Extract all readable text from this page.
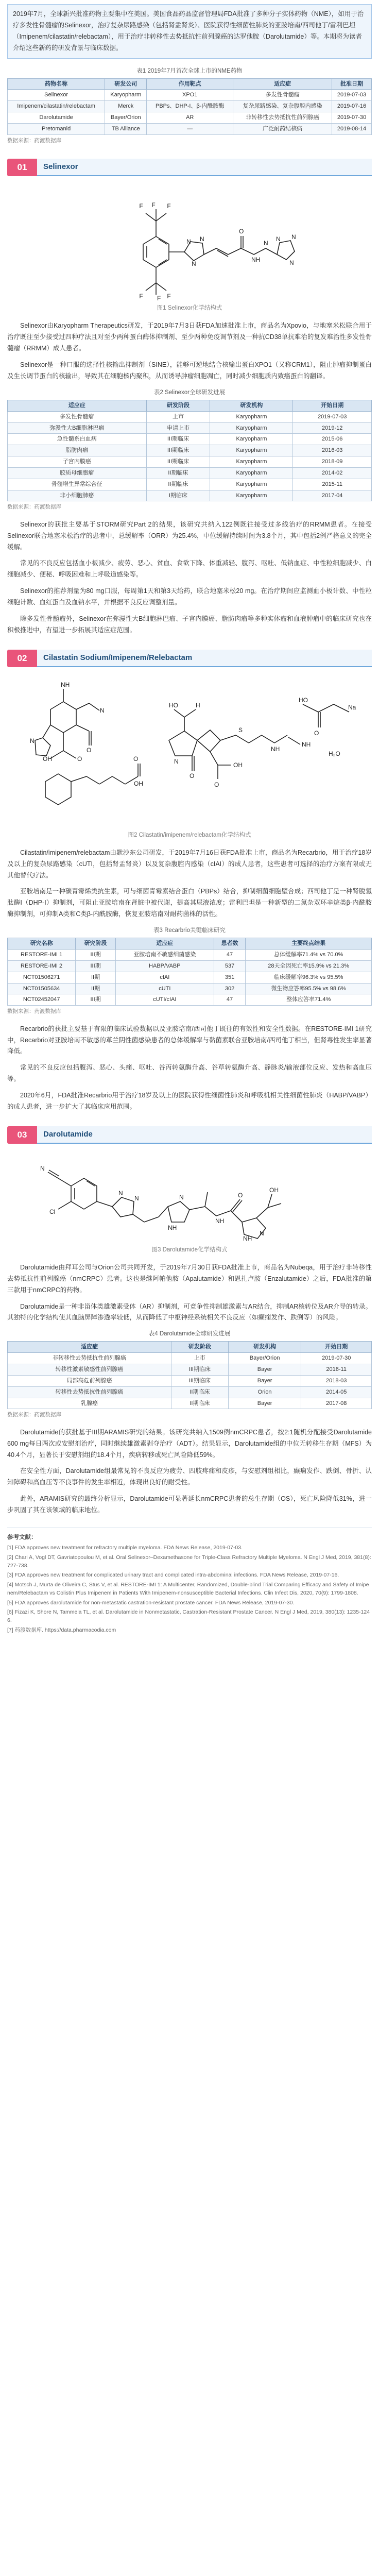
2019年7月，全球新兴批准药物主要集中在美国。美国食品药品监督管理局FDA批准了多种分子实体药物（NME），如用于治疗多发性骨髓瘤的Selinexor，治疗复杂尿路感染（包括肾盂肾炎）、医院获得性细菌性肺炎的亚胺培南/西司他丁/雷利巴坦（Imipenem/cilastatin/relebactam），用于治疗非转移性去势抵抗性前列腺癌的达罗他胺（Darolutamide）等。本期将为读者介绍这些新药的研发背景与临床数据。

表1 2019年7月首次全球上市的NME药物
药物名称	研发公司	作用靶点	适应症	批准日期
Selinexor	Karyopharm	XPO1	多发性骨髓瘤	2019-07-03
Imipenem/cilastatin/relebactam	Merck	PBPs、DHP-I、β-内酰胺酶	复杂尿路感染、复杂腹腔内感染	2019-07-16
Darolutamide	Bayer/Orion	AR	非转移性去势抵抗性前列腺癌	2019-07-30
Pretomanid	TB Alliance	—	广泛耐药结核病	2019-08-14
数据来源：药渡数据库
01	Selinexor
F	F
F
F	F
F
N N
N
O
NH
N
N N
N
图1 Selinexor化学结构式

Selinexor由Karyopharm Therapeutics研发，于2019年7月3日获FDA加速批准上市，商品名为Xpovio，与地塞米松联合用于治疗既往至少接受过四种疗法且对至少两种蛋白酶体抑制剂、至少两种免疫调节剂及一种抗CD38单抗难治的复发难治性多发性骨髓瘤（RRMM）成人患者。

Selinexor是一种口服的选择性核输出抑制剂（SINE），能够可逆地结合核输出蛋白XPO1（又称CRM1），阻止肿瘤抑制蛋白及生长调节蛋白的核输出，导致其在细胞核内聚积，从而诱导肿瘤细胞凋亡，同时减少细胞质内致癌蛋白的翻译。

表2 Selinexor全球研发进展
适应症	研发阶段	研发机构	开始日期
多发性骨髓瘤	上市	Karyopharm	2019-07-03
弥漫性大B细胞淋巴瘤	申请上市	Karyopharm	2019-12
急性髓系白血病	III期临床	Karyopharm	2015-06
脂肪肉瘤	III期临床	Karyopharm	2016-03
子宫内膜癌	III期临床	Karyopharm	2018-09
胶质母细胞瘤	II期临床	Karyopharm	2014-02
骨髓增生异常综合征	II期临床	Karyopharm	2015-11
非小细胞肺癌	I期临床	Karyopharm	2017-04
数据来源：药渡数据库

Selinexor的获批主要基于STORM研究Part 2的结果，该研究共纳入122例既往接受过多线治疗的RRMM患者。在接受Selinexor联合地塞米松治疗的患者中，总缓解率（ORR）为25.4%，中位缓解持续时间为3.8个月，其中包括2例严格意义的完全缓解。

常见的不良反应包括血小板减少、疲劳、恶心、贫血、食欲下降、体重减轻、腹泻、呕吐、低钠血症、中性粒细胞减少、白细胞减少、便秘、呼吸困难和上呼吸道感染等。

Selinexor的推荐剂量为80 mg口服，每周第1天和第3天给药，联合地塞米松20 mg。在治疗期间应监测血小板计数、中性粒细胞计数、血红蛋白及血钠水平，并根据不良反应调整剂量。

除多发性骨髓瘤外，Selinexor在弥漫性大B细胞淋巴瘤、子宫内膜癌、脂肪肉瘤等多种实体瘤和血液肿瘤中的临床研究也在积极推进中，有望进一步拓展其适应症范围。

02	Cilastatin Sodium/Imipenem/Relebactam
NH
N
N
O
O
OH	O
OH
HO	H
N
O
OH
O
S
NH
NH
O
HO
Na
H₂O
图2 Cilastatin/imipenem/relebactam化学结构式

Cilastatin/imipenem/relebactam由默沙东公司研发，于2019年7月16日获FDA批准上市，商品名为Recarbrio，用于治疗18岁及以上的复杂尿路感染（cUTI，包括肾盂肾炎）以及复杂腹腔内感染（cIAI）的成人患者，这些患者可选择的治疗方案有限或无其他替代疗法。

亚胺培南是一种碳青霉烯类抗生素，可与细菌青霉素结合蛋白（PBPs）结合，抑制细菌细胞壁合成；西司他丁是一种肾脱氢肽酶I（DHP-I）抑制剂，可阻止亚胺培南在肾脏中被代谢，提高其尿液浓度；雷利巴坦是一种新型的二氮杂双环辛烷类β-内酰胺酶抑制剂，可抑制A类和C类β-内酰胺酶，恢复亚胺培南对耐药菌株的活性。

表3 Recarbrio关键临床研究
研究名称	研究阶段	适应症	患者数	主要终点结果
RESTORE-IMI 1	III期	亚胺培南不敏感细菌感染	47	总体缓解率71.4% vs 70.0%
RESTORE-IMI 2	III期	HABP/VABP	537	28天全因死亡率15.9% vs 21.3%
NCT01506271	II期	cIAI	351	临床缓解率96.3% vs 95.5%
NCT01505634	II期	cUTI	302	微生物应答率95.5% vs 98.6%
NCT02452047	III期	cUTI/cIAI	47	整体应答率71.4%
数据来源：药渡数据库

Recarbrio的获批主要基于有限的临床试验数据以及亚胺培南/西司他丁既往的有效性和安全性数据。在RESTORE-IMI 1研究中，Recarbrio对亚胺培南不敏感的革兰阴性菌感染患者的总体缓解率与黏菌素联合亚胺培南/西司他丁相当，但肾毒性发生率显著降低。

常见的不良反应包括腹泻、恶心、头痛、呕吐、谷丙转氨酶升高、谷草转氨酶升高、静脉炎/输液部位反应、发热和高血压等。

2020年6月，FDA批准Recarbrio用于治疗18岁及以上的医院获得性细菌性肺炎和呼吸机相关性细菌性肺炎（HABP/VABP）的成人患者，进一步扩大了其临床应用范围。

03	Darolutamide
N
Cl
N
N
NH
N
NH
O
N
NH
OH
图3 Darolutamide化学结构式

Darolutamide由拜耳公司与Orion公司共同开发，于2019年7月30日获FDA批准上市，商品名为Nubeqa，用于治疗非转移性去势抵抗性前列腺癌（nmCRPC）患者。这也是继阿帕他胺（Apalutamide）和恩扎卢胺（Enzalutamide）之后，FDA批准的第三款用于nmCRPC的药物。

Darolutamide是一种非甾体类雄激素受体（AR）抑制剂，可竞争性抑制雄激素与AR结合，抑制AR核转位及AR介导的转录。其独特的化学结构使其血脑屏障渗透率较低，从而降低了中枢神经系统相关不良反应（如癫痫发作、跌倒等）的风险。

表4 Darolutamide全球研发进展
适应症	研发阶段	研发机构	开始日期
非转移性去势抵抗性前列腺癌	上市	Bayer/Orion	2019-07-30
转移性激素敏感性前列腺癌	III期临床	Bayer	2016-11
局部高危前列腺癌	III期临床	Bayer	2018-03
转移性去势抵抗性前列腺癌	II期临床	Orion	2014-05
乳腺癌	II期临床	Bayer	2017-08
数据来源：药渡数据库

Darolutamide的获批基于III期ARAMIS研究的结果。该研究共纳入1509例nmCRPC患者，按2:1随机分配接受Darolutamide 600 mg每日两次或安慰剂治疗，同时继续雄激素剥夺治疗（ADT）。结果显示，Darolutamide组的中位无转移生存期（MFS）为40.4个月，显著长于安慰剂组的18.4个月，疾病转移或死亡风险降低59%。

在安全性方面，Darolutamide组最常见的不良反应为疲劳、四肢疼痛和皮疹，与安慰剂组相比，癫痫发作、跌倒、骨折、认知障碍和高血压等不良事件的发生率相近，体现出良好的耐受性。

此外，ARAMIS研究的最终分析显示，Darolutamide可显著延长nmCRPC患者的总生存期（OS），死亡风险降低31%，进一步巩固了其在该领域的临床地位。

参考文献：
[1] FDA approves new treatment for refractory multiple myeloma. FDA News Release, 2019-07-03.
[2] Chari A, Vogl DT, Gavriatopoulou M, et al. Oral Selinexor–Dexamethasone for Triple-Class Refractory Multiple Myeloma. N Engl J Med, 2019, 381(8): 727-738.
[3] FDA approves new treatment for complicated urinary tract and complicated intra-abdominal infections. FDA News Release, 2019-07-16.
[4] Motsch J, Murta de Oliveira C, Stus V, et al. RESTORE-IMI 1: A Multicenter, Randomized, Double-blind Trial Comparing Efficacy and Safety of Imipenem/Relebactam vs Colistin Plus Imipenem in Patients With Imipenem-nonsusceptible Bacterial Infections. Clin Infect Dis, 2020, 70(9): 1799-1808.
[5] FDA approves darolutamide for non-metastatic castration-resistant prostate cancer. FDA News Release, 2019-07-30.
[6] Fizazi K, Shore N, Tammela TL, et al. Darolutamide in Nonmetastatic, Castration-Resistant Prostate Cancer. N Engl J Med, 2019, 380(13): 1235-1246.
[7] 药渡数据库. https://data.pharmacodia.com
